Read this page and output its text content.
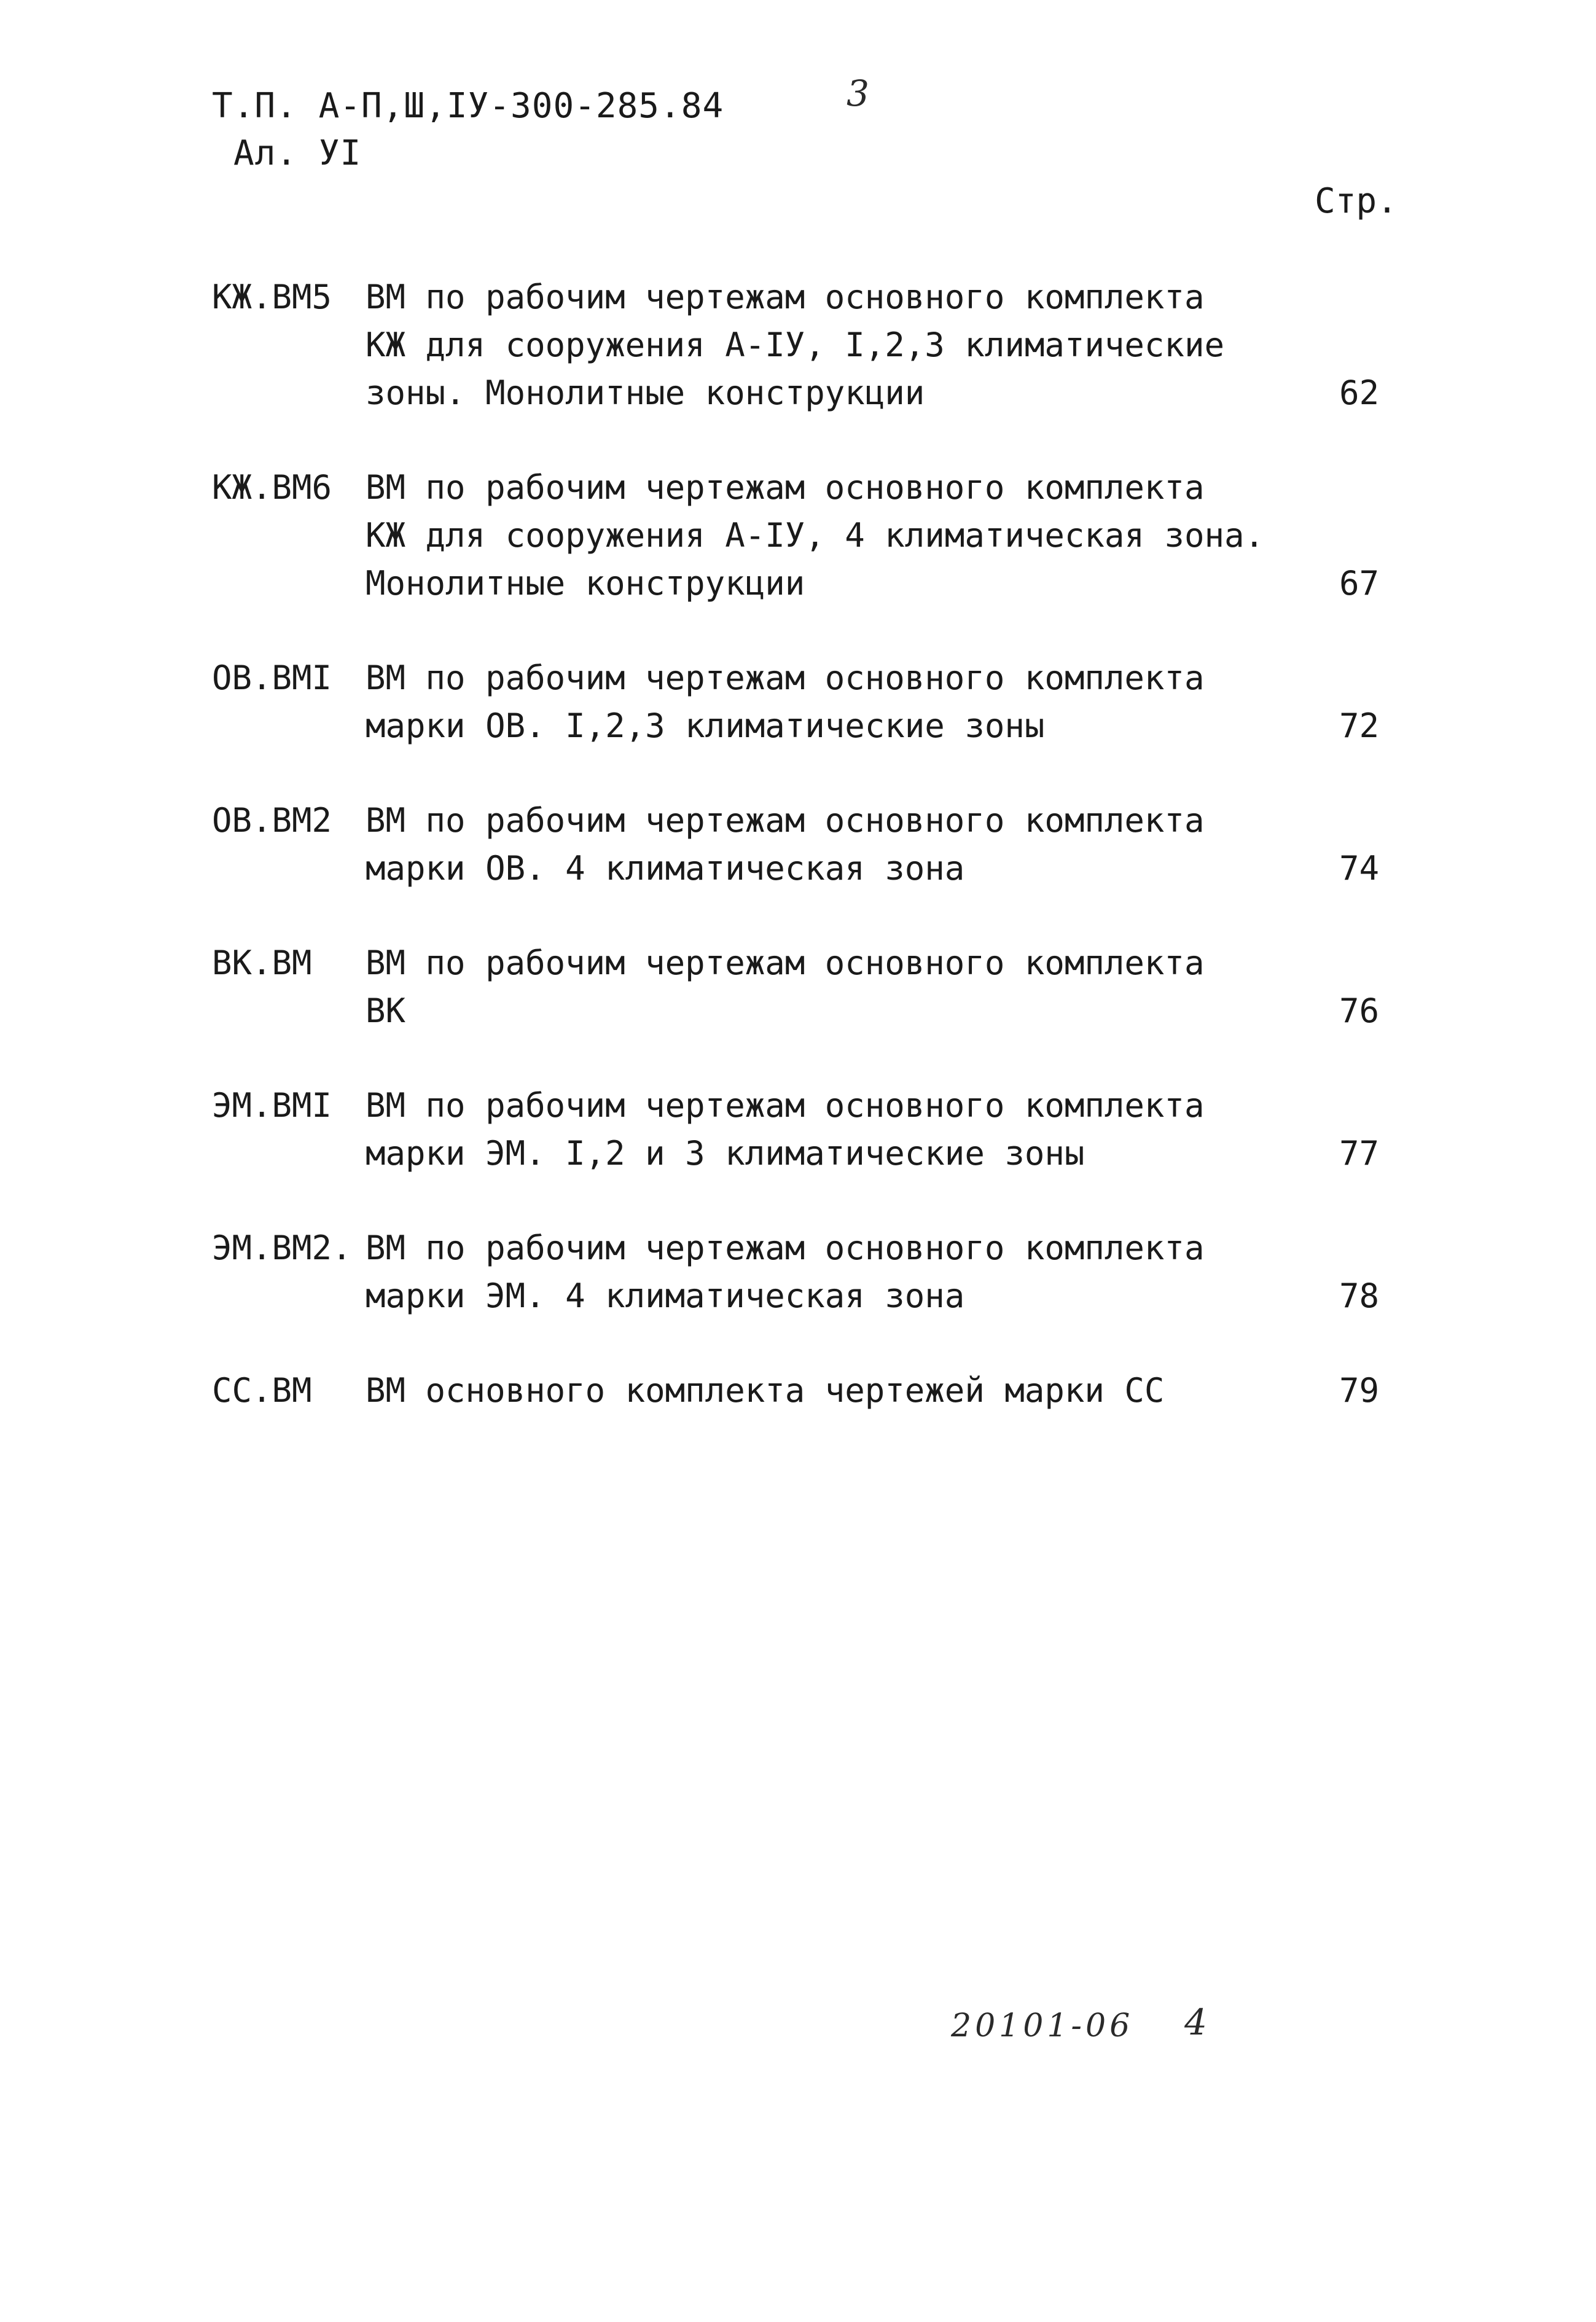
Т.П. А-П,Ш,IУ-300-285.84
Ал. УI
3
Стр.
КЖ.ВМ5	ВМ по рабочим чертежам основного комплекта
КЖ для сооружения А-IУ, I,2,3 климатические
зоны. Монолитные конструкции	62
КЖ.ВМ6	ВМ по рабочим чертежам основного комплекта
КЖ для сооружения А-IУ, 4 климатическая зона.
Монолитные конструкции	67
ОВ.ВМI	ВМ по рабочим чертежам основного комплекта
марки ОВ. I,2,3 климатические зоны	72
ОВ.ВМ2	ВМ по рабочим чертежам основного комплекта
марки ОВ. 4 климатическая зона	74
ВК.ВМ	ВМ по рабочим чертежам основного комплекта
ВК	76
ЭМ.ВМI	ВМ по рабочим чертежам основного комплекта
марки ЭМ. I,2 и 3 климатические зоны	77
ЭМ.ВМ2. ВМ по рабочим чертежам основного комплекта
марки ЭМ. 4 климатическая зона	78
СС.ВМ	ВМ основного комплекта чертежей марки СС	79
20101-06 4
